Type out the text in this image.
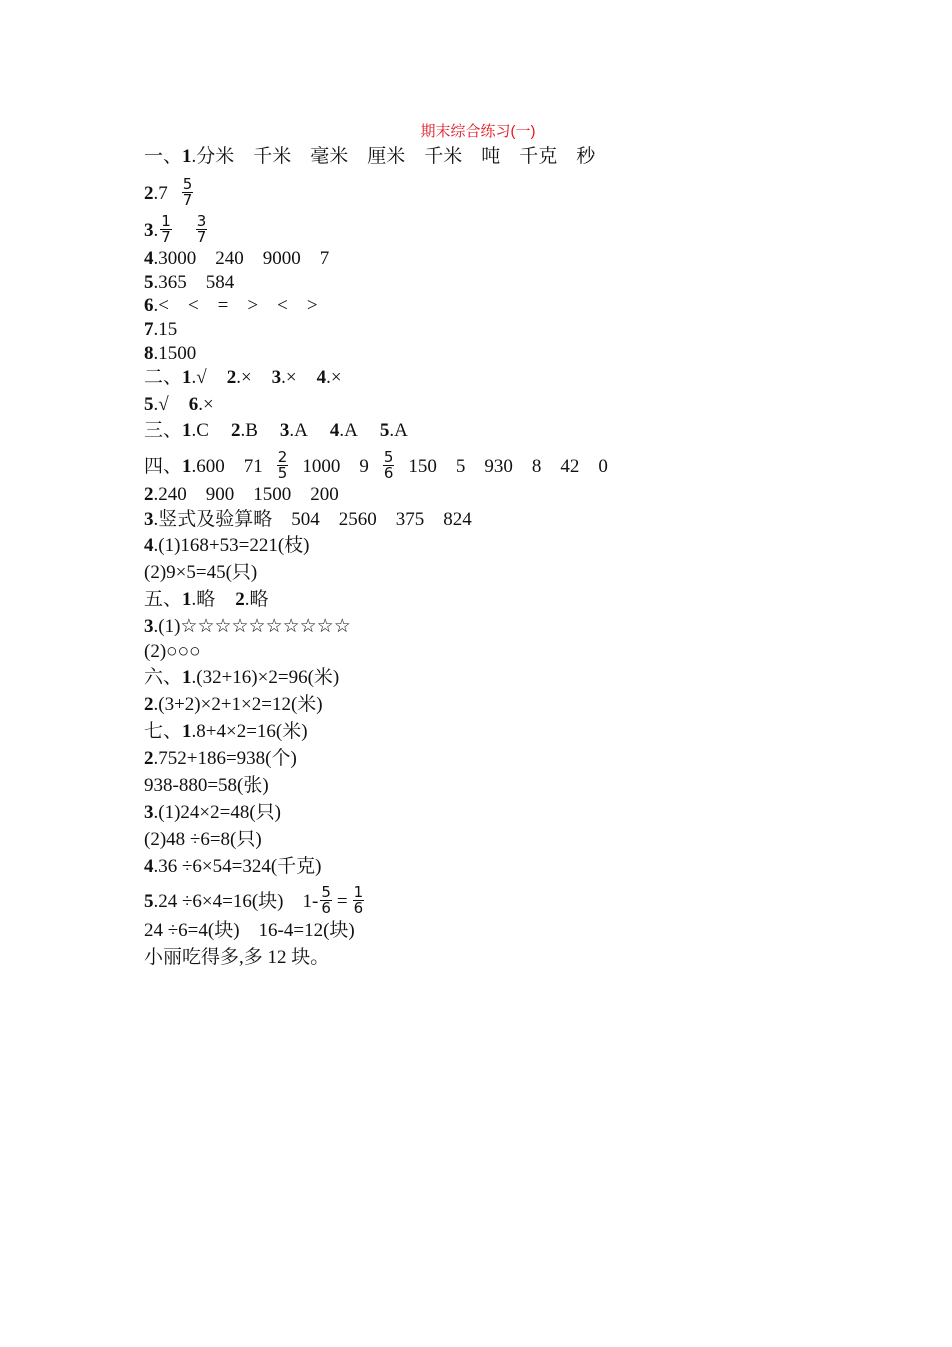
期末综合练习(一)
一、1.分米　千米　毫米　厘米　千米　吨　千克　秒
$2.7 \frac{5}{7}$
3. $\frac{1}{7} \frac{3}{7}$
4.3000　240　9000　7
5.365　584
6.<　<　=　>　<　>
7.15
8.1500
二、1.√ 2.× 3.× 4.×
5.√ 6.×
三、1.C 2.B 3.A 4.A 5.A
四、1.600　$71 \frac{2}{5} 1000$　$9 \frac{5}{6} 150$　5　930　8　42　0
2.240　900　1500　200
3.竖式及验算略　504　2560　375　824
4.(1)168+53=221(枝)
(2)9×5=45(只)
五、1.略 2.略
3.(1)☆☆☆☆☆☆☆☆☆☆
(2)○○○
六、1.(32+16)×2=96(米)
2.(3+2)×2+1×2=12(米)
七、1.8+4×2=16(米)
2.752+186=938(个)
938-880=58(张)
3.(1)24×2=48(只)
(2)48 ÷6=8(只)
4.36 ÷6×54=324(千克)
5.24 ÷6×4=16(块)　$1- \frac{5}{6} = \frac{1}{6}$
24 ÷6=4(块)　16-4=12(块)
小丽吃得多,多 12 块。
